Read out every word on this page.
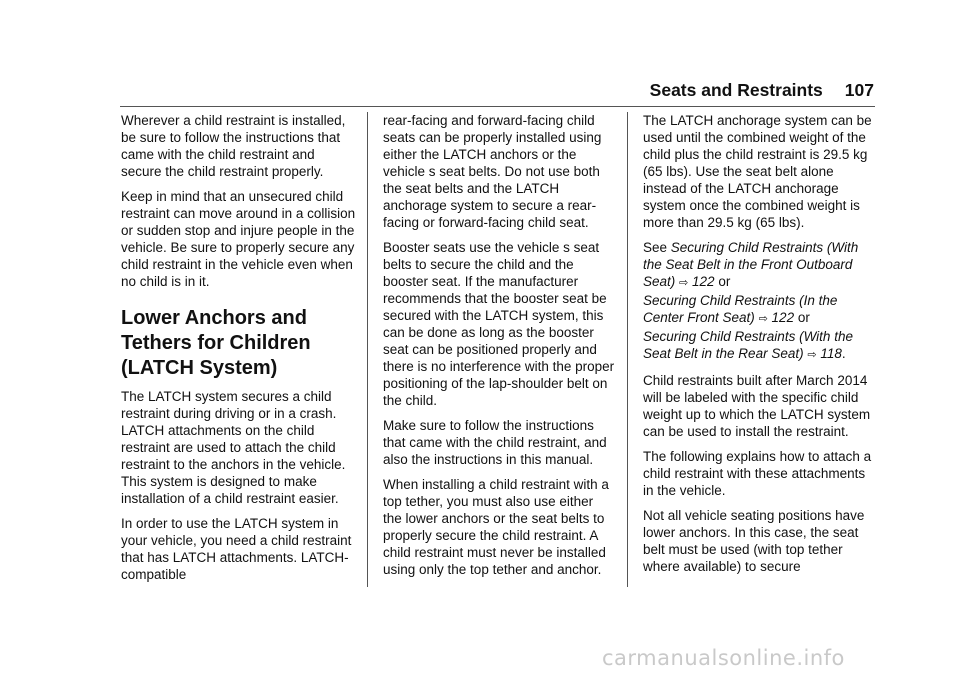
Seats and Restraints 107

Wherever a child restraint is installed, be sure to follow the instructions that came with the child restraint and secure the child restraint properly.

Keep in mind that an unsecured child restraint can move around in a collision or sudden stop and injure people in the vehicle. Be sure to properly secure any child restraint in the vehicle even when no child is in it.

Lower Anchors and Tethers for Children (LATCH System)

The LATCH system secures a child restraint during driving or in a crash. LATCH attachments on the child restraint are used to attach the child restraint to the anchors in the vehicle. This system is designed to make installation of a child restraint easier.

In order to use the LATCH system in your vehicle, you need a child restraint that has LATCH attachments. LATCH-compatible

rear-facing and forward-facing child seats can be properly installed using either the LATCH anchors or the vehicle s seat belts. Do not use both the seat belts and the LATCH anchorage system to secure a rear-facing or forward-facing child seat.

Booster seats use the vehicle s seat belts to secure the child and the booster seat. If the manufacturer recommends that the booster seat be secured with the LATCH system, this can be done as long as the booster seat can be positioned properly and there is no interference with the proper positioning of the lap-shoulder belt on the child.

Make sure to follow the instructions that came with the child restraint, and also the instructions in this manual.

When installing a child restraint with a top tether, you must also use either the lower anchors or the seat belts to properly secure the child restraint. A child restraint must never be installed using only the top tether and anchor.

The LATCH anchorage system can be used until the combined weight of the child plus the child restraint is 29.5 kg (65 lbs). Use the seat belt alone instead of the LATCH anchorage system once the combined weight is more than 29.5 kg (65 lbs).

See Securing Child Restraints (With the Seat Belt in the Front Outboard Seat) ⇨ 122 or
Securing Child Restraints (In the Center Front Seat) ⇨ 122 or
Securing Child Restraints (With the Seat Belt in the Rear Seat) ⇨ 118.

Child restraints built after March 2014 will be labeled with the specific child weight up to which the LATCH system can be used to install the restraint.

The following explains how to attach a child restraint with these attachments in the vehicle.

Not all vehicle seating positions have lower anchors. In this case, the seat belt must be used (with top tether where available) to secure

carmanualsonline.info
